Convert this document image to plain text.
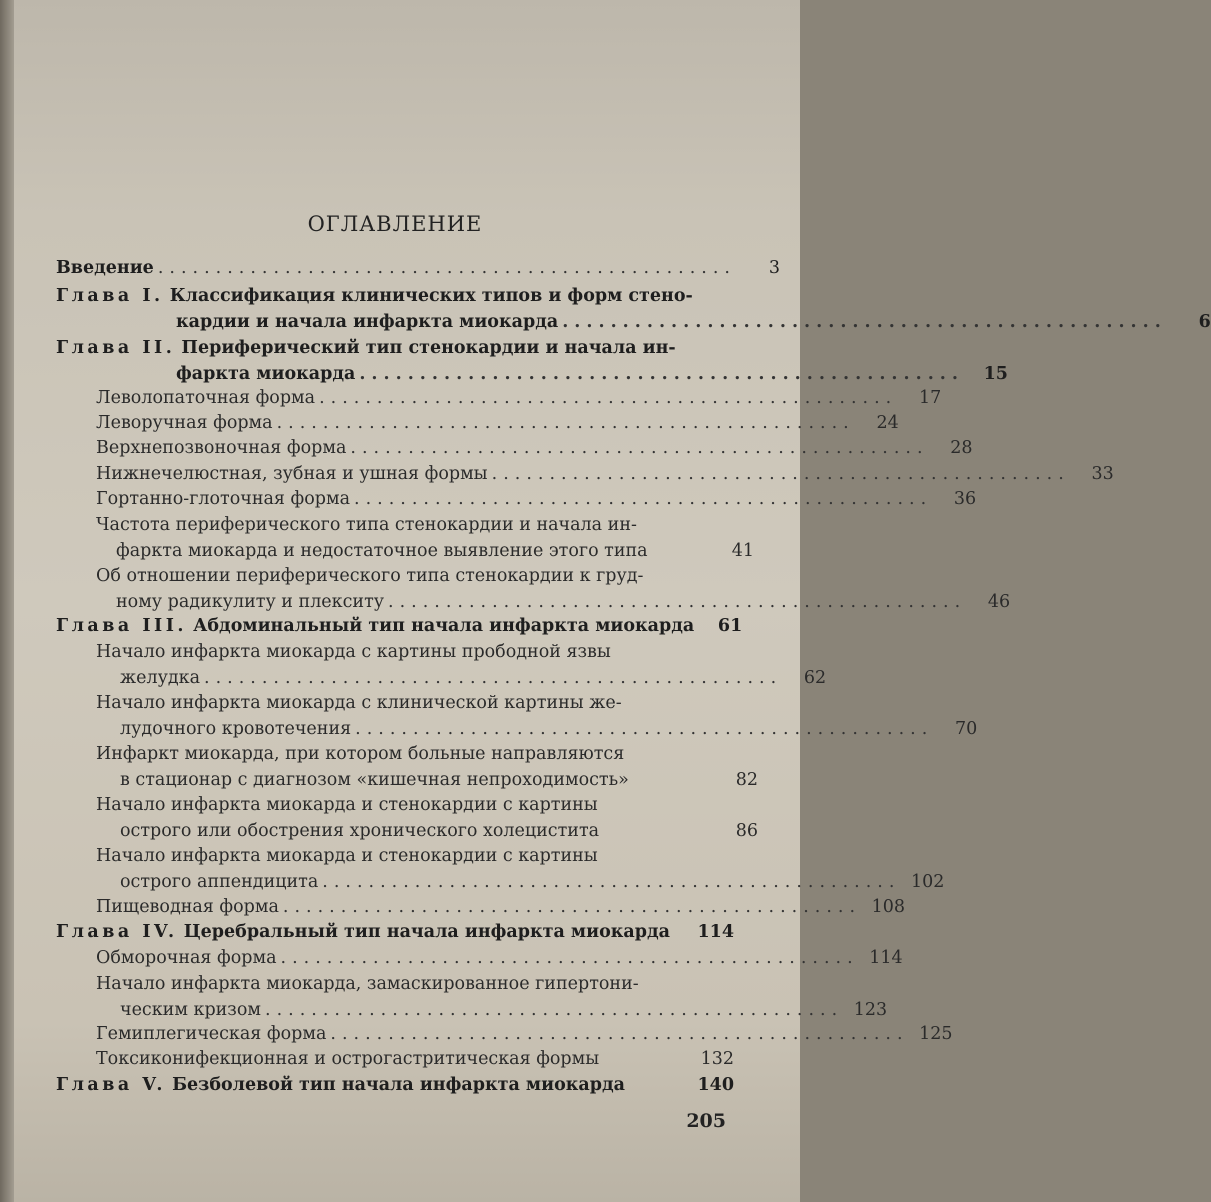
ОГЛАВЛЕНИЕ
Введение ..................................................	3
Глава I. Классификация клинических типов и форм стено-
кардии и начала инфаркта миокарда ..................................................	6
Глава II. Периферический тип стенокардии и начала ин-
фаркта миокарда ..................................................	15
Леволопаточная форма ..................................................	17
Леворучная форма ..................................................	24
Верхнепозвоночная форма ..................................................	28
Нижнечелюстная, зубная и ушная формы ..................................................	33
Гортанно-глоточная форма ..................................................	36
Частота периферического типа стенокардии и начала ин-
фаркта миокарда и недостаточное выявление этого типа	41
Об отношении периферического типа стенокардии к груд-
ному радикулиту и плекситу ..................................................	46
Глава III. Абдоминальный тип начала инфаркта миокарда	61
Начало инфаркта миокарда с картины прободной язвы
желудка ..................................................	62
Начало инфаркта миокарда с клинической картины же-
лудочного кровотечения ..................................................	70
Инфаркт миокарда, при котором больные направляются
в стационар с диагнозом «кишечная непроходимость»	82
Начало инфаркта миокарда и стенокардии с картины
острого или обострения хронического холецистита	86
Начало инфаркта миокарда и стенокардии с картины
острого аппендицита .................................................. 102
Пищеводная форма .................................................. 108
Глава IV. Церебральный тип начала инфаркта миокарда	114
Обморочная форма .................................................. 114
Начало инфаркта миокарда, замаскированное гипертони-
ческим кризом .................................................. 123
Гемиплегическая форма .................................................. 125
Токсиконифекционная и острогастритическая формы	132
Глава V. Безболевой тип начала инфаркта миокарда	140
205
